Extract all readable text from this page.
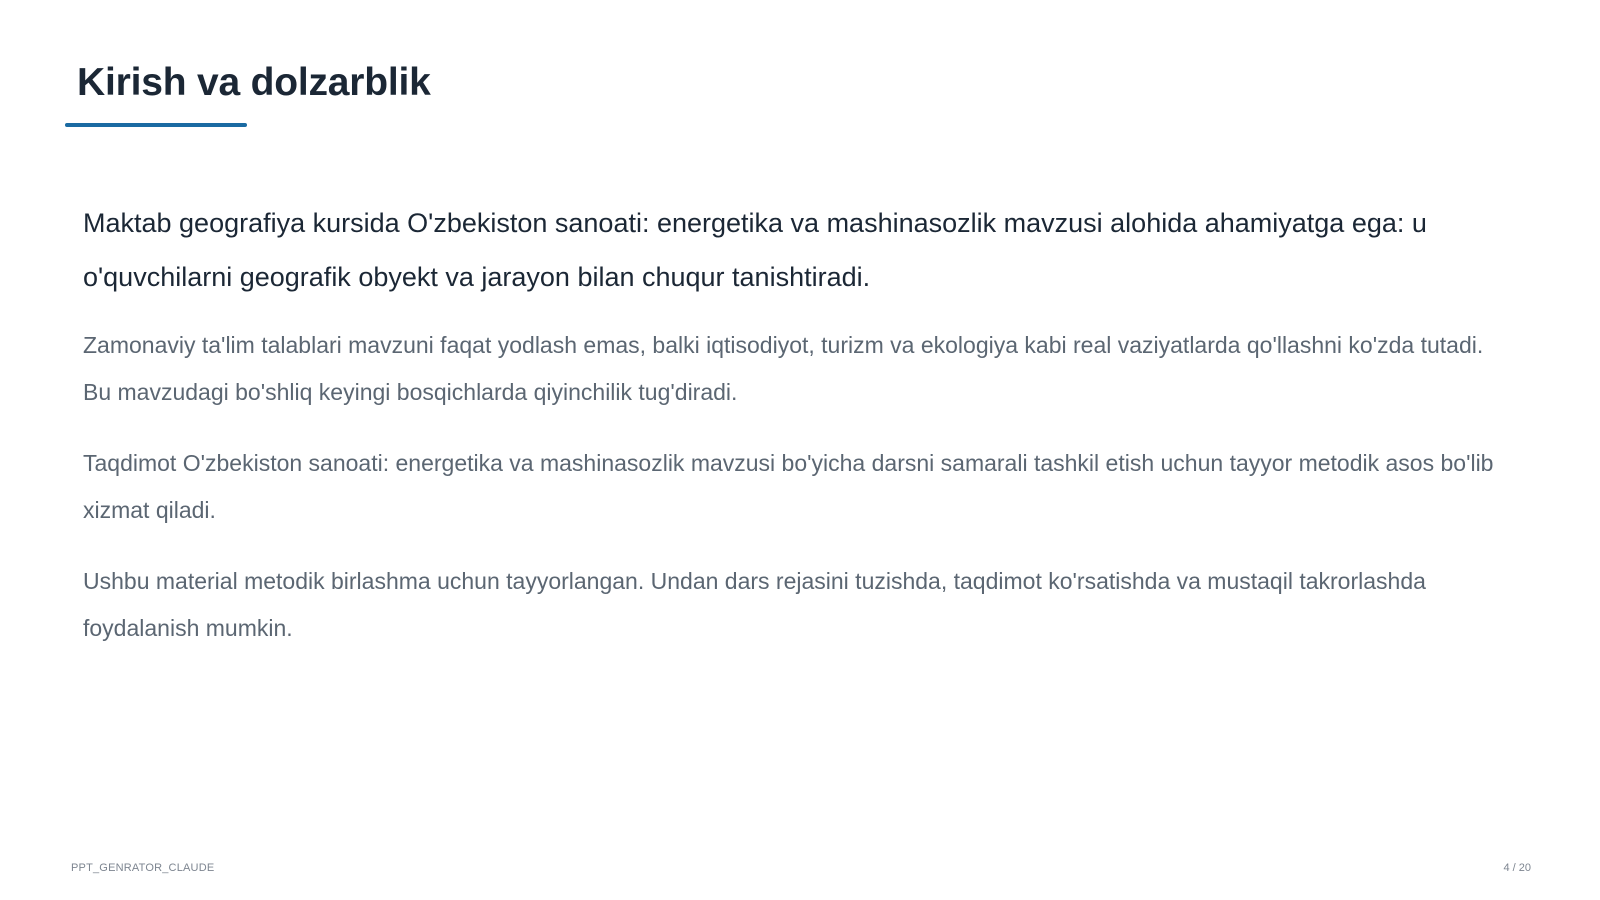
Kirish va dolzarblik

Maktab geografiya kursida O'zbekiston sanoati: energetika va mashinasozlik mavzusi alohida ahamiyatga ega: u o'quvchilarni geografik obyekt va jarayon bilan chuqur tanishtiradi.

Zamonaviy ta'lim talablari mavzuni faqat yodlash emas, balki iqtisodiyot, turizm va ekologiya kabi real vaziyatlarda qo'llashni ko'zda tutadi. Bu mavzudagi bo'shliq keyingi bosqichlarda qiyinchilik tug'diradi.

Taqdimot O'zbekiston sanoati: energetika va mashinasozlik mavzusi bo'yicha darsni samarali tashkil etish uchun tayyor metodik asos bo'lib xizmat qiladi.

Ushbu material metodik birlashma uchun tayyorlangan. Undan dars rejasini tuzishda, taqdimot ko'rsatishda va mustaqil takrorlashda foydalanish mumkin.

PPT_GENRATOR_CLAUDE	4 / 20
